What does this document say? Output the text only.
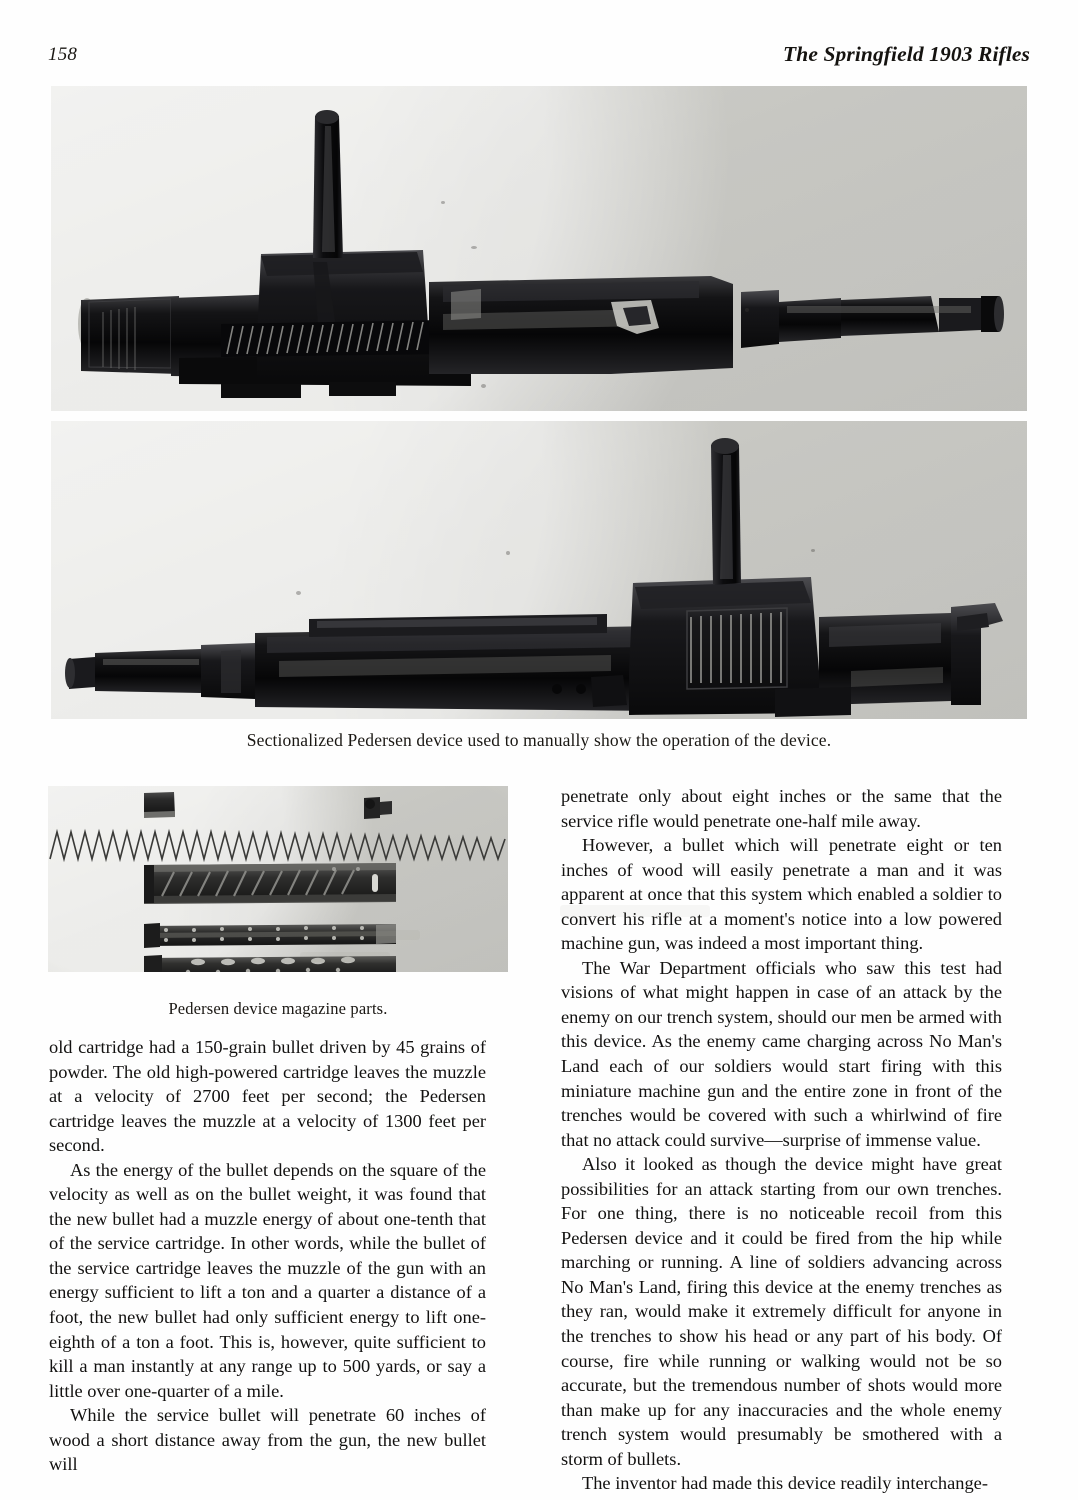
158	The Springfield 1903 Rifles
Sectionalized Pedersen device used to manually show the operation of the device.
Pedersen device magazine parts.

old cartridge had a 150-grain bullet driven by 45 grains of powder. The old high-powered cartridge leaves the muzzle at a velocity of 2700 feet per second; the Pedersen cartridge leaves the muzzle at a velocity of 1300 feet per second.

As the energy of the bullet depends on the square of the velocity as well as on the bullet weight, it was found that the new bullet had a muzzle energy of about one-tenth that of the service cartridge. In other words, while the bullet of the service cartridge leaves the muzzle of the gun with an energy sufficient to lift a ton and a quarter a distance of a foot, the new bullet had only sufficient energy to lift one-eighth of a ton a foot. This is, however, quite sufficient to kill a man instantly at any range up to 500 yards, or say a little over one-quarter of a mile.

While the service bullet will penetrate 60 inches of wood a short distance away from the gun, the new bullet will

penetrate only about eight inches or the same that the service rifle would penetrate one-half mile away.

However, a bullet which will penetrate eight or ten inches of wood will easily penetrate a man and it was apparent at once that this system which enabled a soldier to convert his rifle at a moment's notice into a low powered machine gun, was indeed a most important thing.

The War Department officials who saw this test had visions of what might happen in case of an attack by the enemy on our trench system, should our men be armed with this device. As the enemy came charging across No Man's Land each of our soldiers would start firing with this miniature machine gun and the entire zone in front of the trenches would be covered with such a whirlwind of fire that no attack could survive—surprise of immense value.

Also it looked as though the device might have great possibilities for an attack starting from our own trenches. For one thing, there is no noticeable recoil from this Pedersen device and it could be fired from the hip while marching or running. A line of soldiers advancing across No Man's Land, firing this device at the enemy trenches as they ran, would make it extremely difficult for anyone in the trenches to show his head or any part of his body. Of course, fire while running or walking would not be so accurate, but the tremendous number of shots would more than make up for any inaccuracies and the whole enemy trench system would presumably be smothered with a storm of bullets.

The inventor had made this device readily interchange-
